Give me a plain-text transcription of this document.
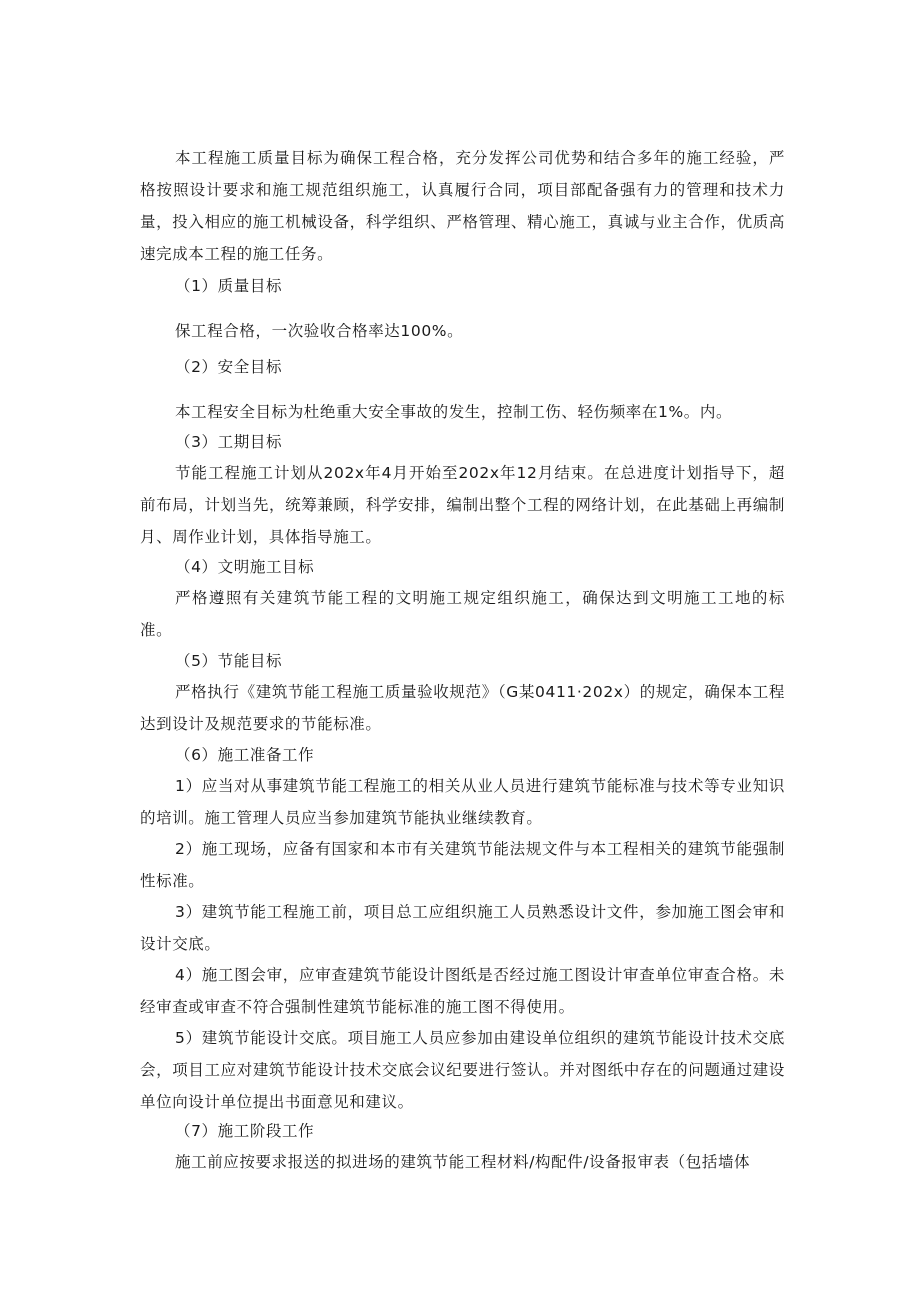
本工程施工质量目标为确保工程合格，充分发挥公司优势和结合多年的施工经验，严格按照设计要求和施工规范组织施工，认真履行合同，项目部配备强有力的管理和技术力量，投入相应的施工机械设备，科学组织、严格管理、精心施工，真诚与业主合作，优质高速完成本工程的施工任务。

（1）质量目标

保工程合格，一次验收合格率达100%。

（2）安全目标

本工程安全目标为杜绝重大安全事故的发生，控制工伤、轻伤频率在1%。内。

（3）工期目标

节能工程施工计划从202x年4月开始至202x年12月结束。在总进度计划指导下，超前布局，计划当先，统筹兼顾，科学安排，编制出整个工程的网络计划，在此基础上再编制月、周作业计划，具体指导施工。

（4）文明施工目标

严格遵照有关建筑节能工程的文明施工规定组织施工，确保达到文明施工工地的标准。

（5）节能目标

严格执行《建筑节能工程施工质量验收规范》（G某0411·202x）的规定，确保本工程达到设计及规范要求的节能标准。

（6）施工准备工作

1）应当对从事建筑节能工程施工的相关从业人员进行建筑节能标准与技术等专业知识的培训。施工管理人员应当参加建筑节能执业继续教育。

2）施工现场，应备有国家和本市有关建筑节能法规文件与本工程相关的建筑节能强制性标准。

3）建筑节能工程施工前，项目总工应组织施工人员熟悉设计文件，参加施工图会审和设计交底。

4）施工图会审，应审查建筑节能设计图纸是否经过施工图设计审查单位审查合格。未经审查或审查不符合强制性建筑节能标准的施工图不得使用。

5）建筑节能设计交底。项目施工人员应参加由建设单位组织的建筑节能设计技术交底会，项目工应对建筑节能设计技术交底会议纪要进行签认。并对图纸中存在的问题通过建设单位向设计单位提出书面意见和建议。

（7）施工阶段工作

施工前应按要求报送的拟进场的建筑节能工程材料/构配件/设备报审表（包括墙体
